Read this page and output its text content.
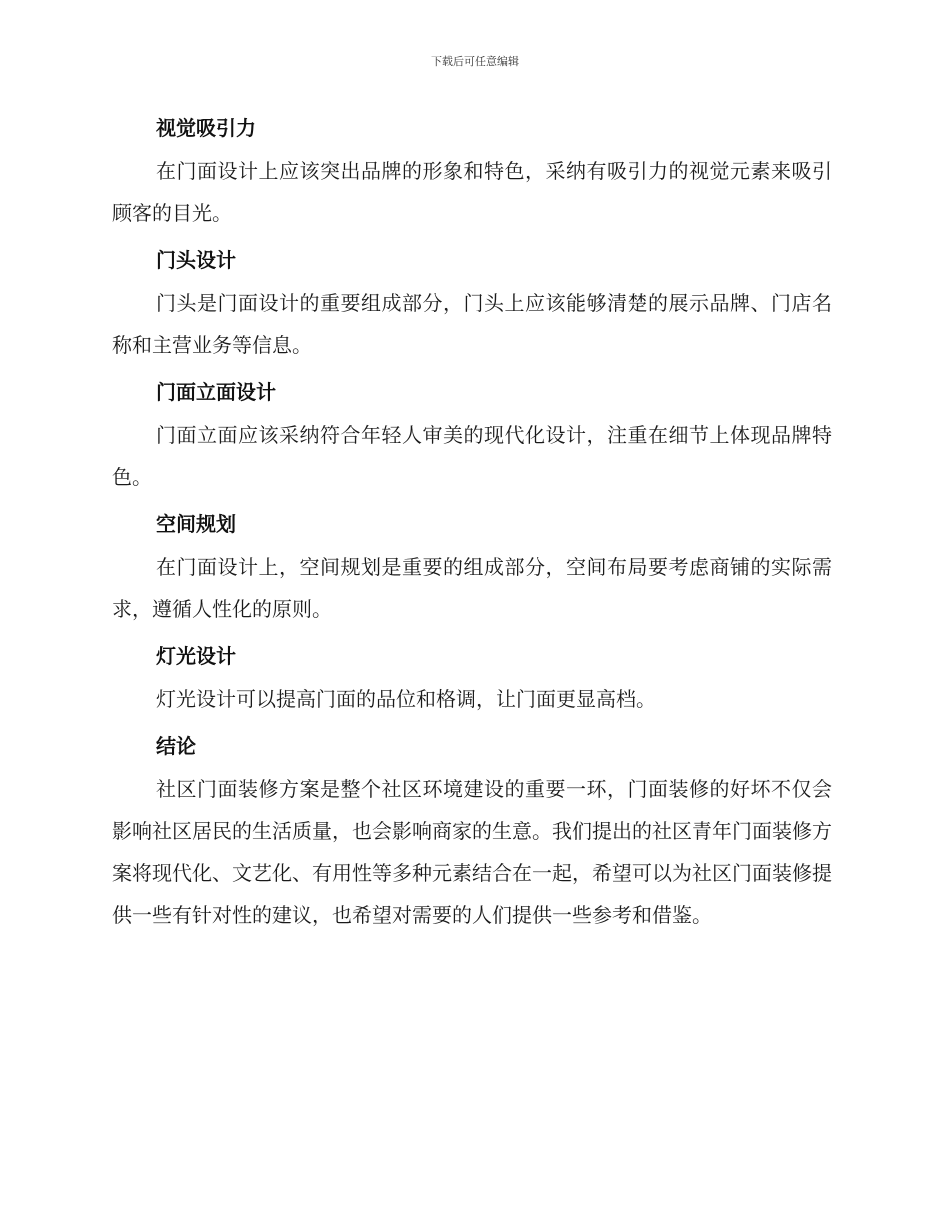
下载后可任意编辑
视觉吸引力

在门面设计上应该突出品牌的形象和特色，采纳有吸引力的视觉元素来吸引顾客的目光。

门头设计

门头是门面设计的重要组成部分，门头上应该能够清楚的展示品牌、门店名称和主营业务等信息。

门面立面设计

门面立面应该采纳符合年轻人审美的现代化设计，注重在细节上体现品牌特色。

空间规划

在门面设计上，空间规划是重要的组成部分，空间布局要考虑商铺的实际需求，遵循人性化的原则。

灯光设计

灯光设计可以提高门面的品位和格调，让门面更显高档。

结论

社区门面装修方案是整个社区环境建设的重要一环，门面装修的好坏不仅会影响社区居民的生活质量，也会影响商家的生意。我们提出的社区青年门面装修方案将现代化、文艺化、有用性等多种元素结合在一起，希望可以为社区门面装修提供一些有针对性的建议，也希望对需要的人们提供一些参考和借鉴。
